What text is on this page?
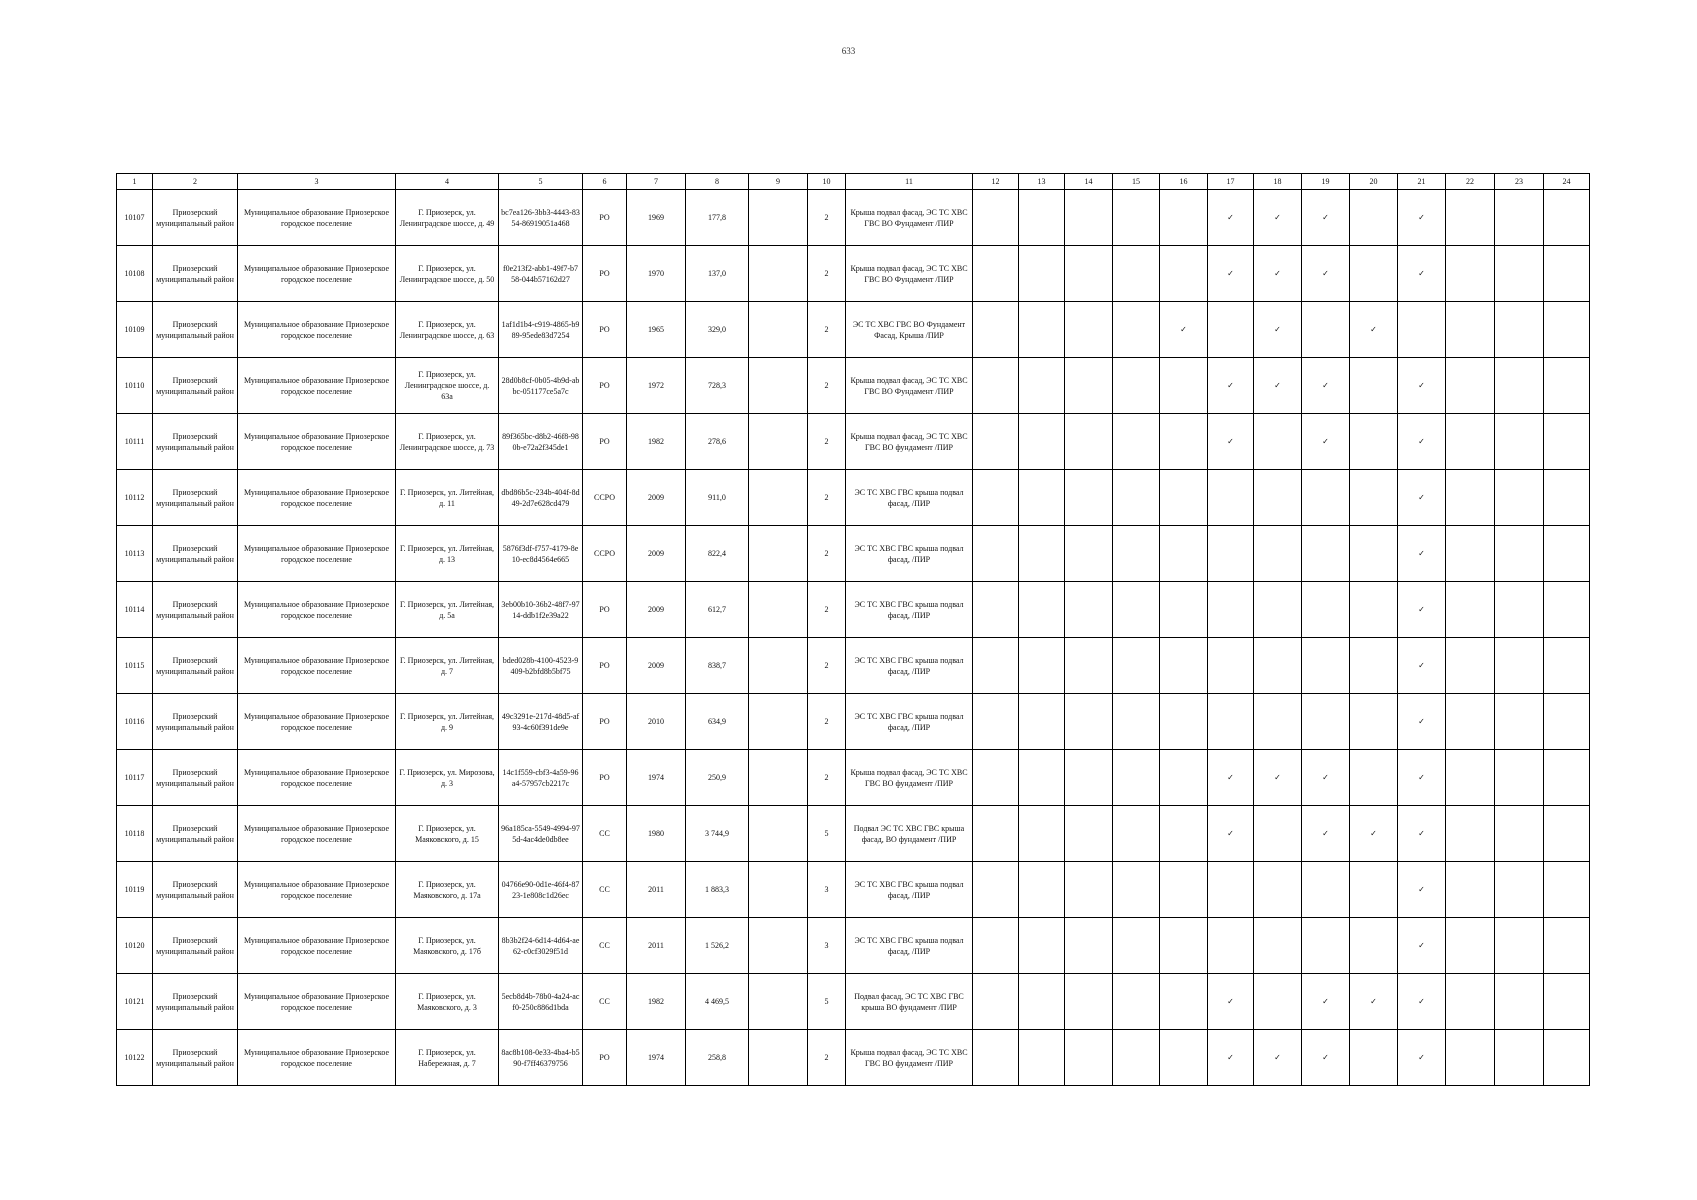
633
1	2	3	4	5	6	7	8	9	10	11	12	13	14	15	16	17	18	19	20	21	22	23	24
10107	Приозерский муниципальный район	Муниципальное образование Приозерское городское поселение	Г. Приозерск, ул. Ленинградское шоссе, д. 49	bc7ea126-3bb3-4443-8354-86919051a468	РО	1969	177,8		2	Крыша подвал фасад, ЭС ТС ХВС ГВС ВО Фундамент /ПИР						✓	✓	✓		✓			
10108	Приозерский муниципальный район	Муниципальное образование Приозерское городское поселение	Г. Приозерск, ул. Ленинградское шоссе, д. 50	f0e213f2-abb1-49f7-b758-044b57162d27	РО	1970	137,0		2	Крыша подвал фасад, ЭС ТС ХВС ГВС ВО Фундамент /ПИР						✓	✓	✓		✓			
10109	Приозерский муниципальный район	Муниципальное образование Приозерское городское поселение	Г. Приозерск, ул. Ленинградское шоссе, д. 63	1af1d1b4-c919-4865-b989-95ede83d7254	РО	1965	329,0		2	ЭС ТС ХВС ГВС ВО Фундамент Фасад, Крыша /ПИР					✓		✓		✓				
10110	Приозерский муниципальный район	Муниципальное образование Приозерское городское поселение	Г. Приозерск, ул. Ленинградское шоссе, д. 63а	28d0b8cf-0b05-4b9d-abbc-051177ce5a7c	РО	1972	728,3		2	Крыша подвал фасад, ЭС ТС ХВС ГВС ВО Фундамент /ПИР						✓	✓	✓		✓			
10111	Приозерский муниципальный район	Муниципальное образование Приозерское городское поселение	Г. Приозерск, ул. Ленинградское шоссе, д. 73	89f365bc-d8b2-46f8-980b-e72a2f345de1	РО	1982	278,6		2	Крыша подвал фасад, ЭС ТС ХВС ГВС ВО фундамент /ПИР						✓		✓		✓			
10112	Приозерский муниципальный район	Муниципальное образование Приозерское городское поселение	Г. Приозерск, ул. Литейная, д. 11	dbd86b5c-234b-404f-8d49-2d7e628cd479	ССРО	2009	911,0		2	ЭС ТС ХВС ГВС крыша подвал фасад, /ПИР										✓			
10113	Приозерский муниципальный район	Муниципальное образование Приозерское городское поселение	Г. Приозерск, ул. Литейная, д. 13	5876f3df-f757-4179-8e10-ec8d4564e665	ССРО	2009	822,4		2	ЭС ТС ХВС ГВС крыша подвал фасад, /ПИР										✓			
10114	Приозерский муниципальный район	Муниципальное образование Приозерское городское поселение	Г. Приозерск, ул. Литейная, д. 5а	3eb00b10-36b2-48f7-9714-ddb1f2e39a22	РО	2009	612,7		2	ЭС ТС ХВС ГВС крыша подвал фасад, /ПИР										✓			
10115	Приозерский муниципальный район	Муниципальное образование Приозерское городское поселение	Г. Приозерск, ул. Литейная, д. 7	bded028b-4100-4523-9409-b2bfd8b5bf75	РО	2009	838,7		2	ЭС ТС ХВС ГВС крыша подвал фасад, /ПИР										✓			
10116	Приозерский муниципальный район	Муниципальное образование Приозерское городское поселение	Г. Приозерск, ул. Литейная, д. 9	49c3291e-217d-48d5-af93-4c60f391de9e	РО	2010	634,9		2	ЭС ТС ХВС ГВС крыша подвал фасад, /ПИР										✓			
10117	Приозерский муниципальный район	Муниципальное образование Приозерское городское поселение	Г. Приозерск, ул. Мирозова, д. 3	14c1f559-cbf3-4a59-96a4-57957cb2217c	РО	1974	250,9		2	Крыша подвал фасад, ЭС ТС ХВС ГВС ВО фундамент /ПИР						✓	✓	✓		✓			
10118	Приозерский муниципальный район	Муниципальное образование Приозерское городское поселение	Г. Приозерск, ул. Маяковского, д. 15	96a185ca-5549-4994-975d-4ac4de0db8ee	СС	1980	3 744,9		5	Подвал ЭС ТС ХВС ГВС крыша фасад, ВО фундамент /ПИР						✓		✓	✓	✓			
10119	Приозерский муниципальный район	Муниципальное образование Приозерское городское поселение	Г. Приозерск, ул. Маяковского, д. 17а	04766e90-0d1e-46f4-8723-1e808c1d26ec	СС	2011	1 883,3		3	ЭС ТС ХВС ГВС крыша подвал фасад, /ПИР										✓			
10120	Приозерский муниципальный район	Муниципальное образование Приозерское городское поселение	Г. Приозерск, ул. Маяковского, д. 17б	8b3b2f24-6d14-4d64-ae62-c0cf3029f51d	СС	2011	1 526,2		3	ЭС ТС ХВС ГВС крыша подвал фасад, /ПИР										✓			
10121	Приозерский муниципальный район	Муниципальное образование Приозерское городское поселение	Г. Приозерск, ул. Маяковского, д. 3	5ecb8d4b-78b0-4a24-acf0-250c886d1bda	СС	1982	4 469,5		5	Подвал фасад, ЭС ТС ХВС ГВС крыша ВО фундамент /ПИР						✓		✓	✓	✓			
10122	Приозерский муниципальный район	Муниципальное образование Приозерское городское поселение	Г. Приозерск, ул. Набережная, д. 7	8ac8b108-0e33-4ba4-b590-f7ff46379756	РО	1974	258,8		2	Крыша подвал фасад, ЭС ТС ХВС ГВС ВО фундамент /ПИР						✓	✓	✓		✓			
